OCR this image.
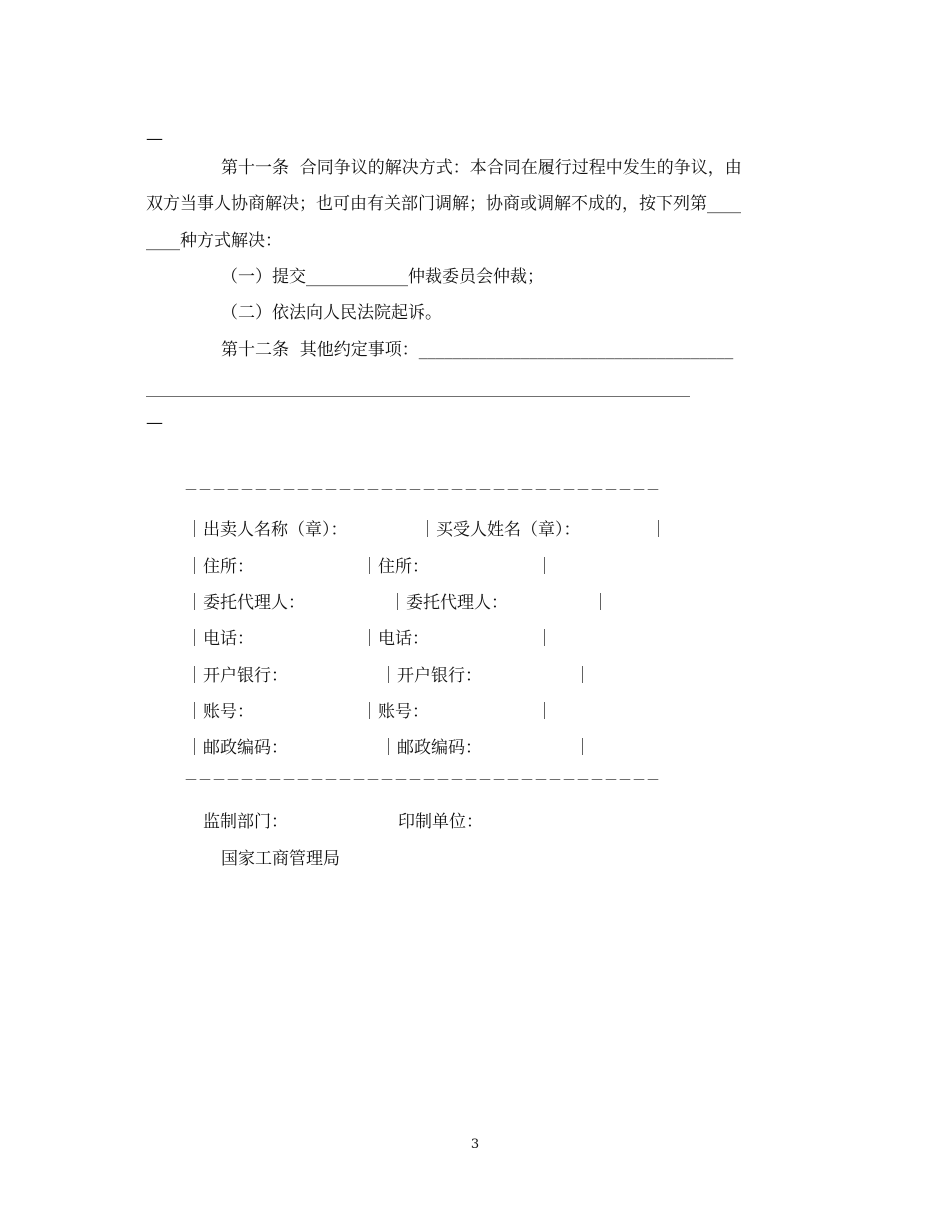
—
第十一条  合同争议的解决方式：本合同在履行过程中发生的争议，由
双方当事人协商解决；也可由有关部门调解；协商或调解不成的，按下列第____
____种方式解决：
（一）提交____________仲裁委员会仲裁；
（二）依法向人民法院起诉。
第十二条  其他约定事项：_____________________________________
____________________________________________________________________
—
－－－－－－－－－－－－－－－－－－－－－－－－－－－－－－－－－－
｜出卖人名称（章）：	｜买受人姓名（章）：	｜
｜住所：	｜住所：	｜
｜委托代理人：	｜委托代理人：	｜
｜电话：	｜电话：	｜
｜开户银行：	｜开户银行：	｜
｜账号：	｜账号：	｜
｜邮政编码：	｜邮政编码：	｜
－－－－－－－－－－－－－－－－－－－－－－－－－－－－－－－－－－
监制部门：	印制单位：
国家工商管理局
3
